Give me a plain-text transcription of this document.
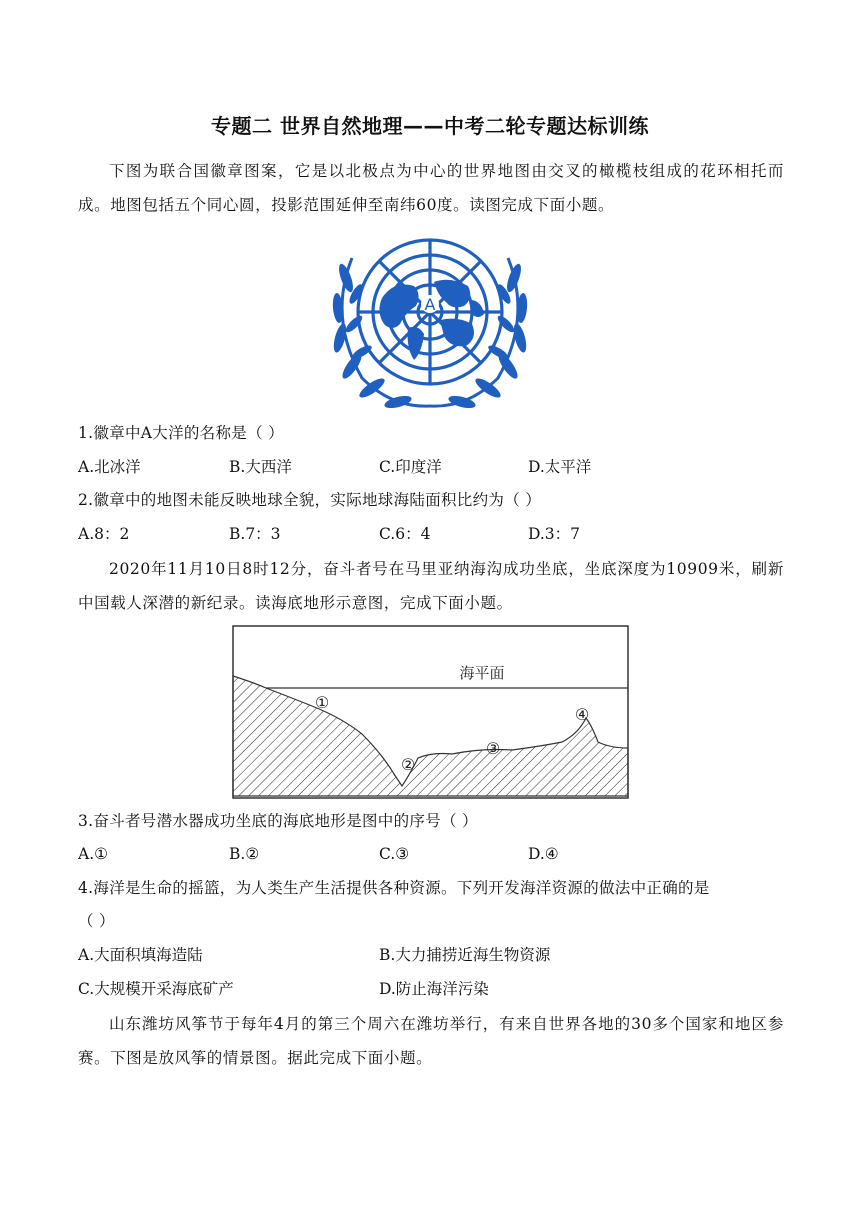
专题二 世界自然地理——中考二轮专题达标训练
下图为联合国徽章图案，它是以北极点为中心的世界地图由交叉的橄榄枝组成的花环相托而成。地图包括五个同心圆，投影范围延伸至南纬60度。读图完成下面小题。
A
1.徽章中A大洋的名称是（ ）
A.北冰洋	B.大西洋	C.印度洋	D.太平洋
2.徽章中的地图未能反映地球全貌，实际地球海陆面积比约为（ ）
A.8：2	B.7：3	C.6：4	D.3：7
2020年11月10日8时12分，奋斗者号在马里亚纳海沟成功坐底，坐底深度为10909米，刷新中国载人深潜的新纪录。读海底地形示意图，完成下面小题。
海平面
①
②
③
④
3.奋斗者号潜水器成功坐底的海底地形是图中的序号（ ）
A.①	B.②	C.③	D.④
4.海洋是生命的摇篮，为人类生产生活提供各种资源。下列开发海洋资源的做法中正确的是
（ ）
A.大面积填海造陆	B.大力捕捞近海生物资源
C.大规模开采海底矿产	D.防止海洋污染
山东潍坊风筝节于每年4月的第三个周六在潍坊举行，有来自世界各地的30多个国家和地区参赛。下图是放风筝的情景图。据此完成下面小题。
